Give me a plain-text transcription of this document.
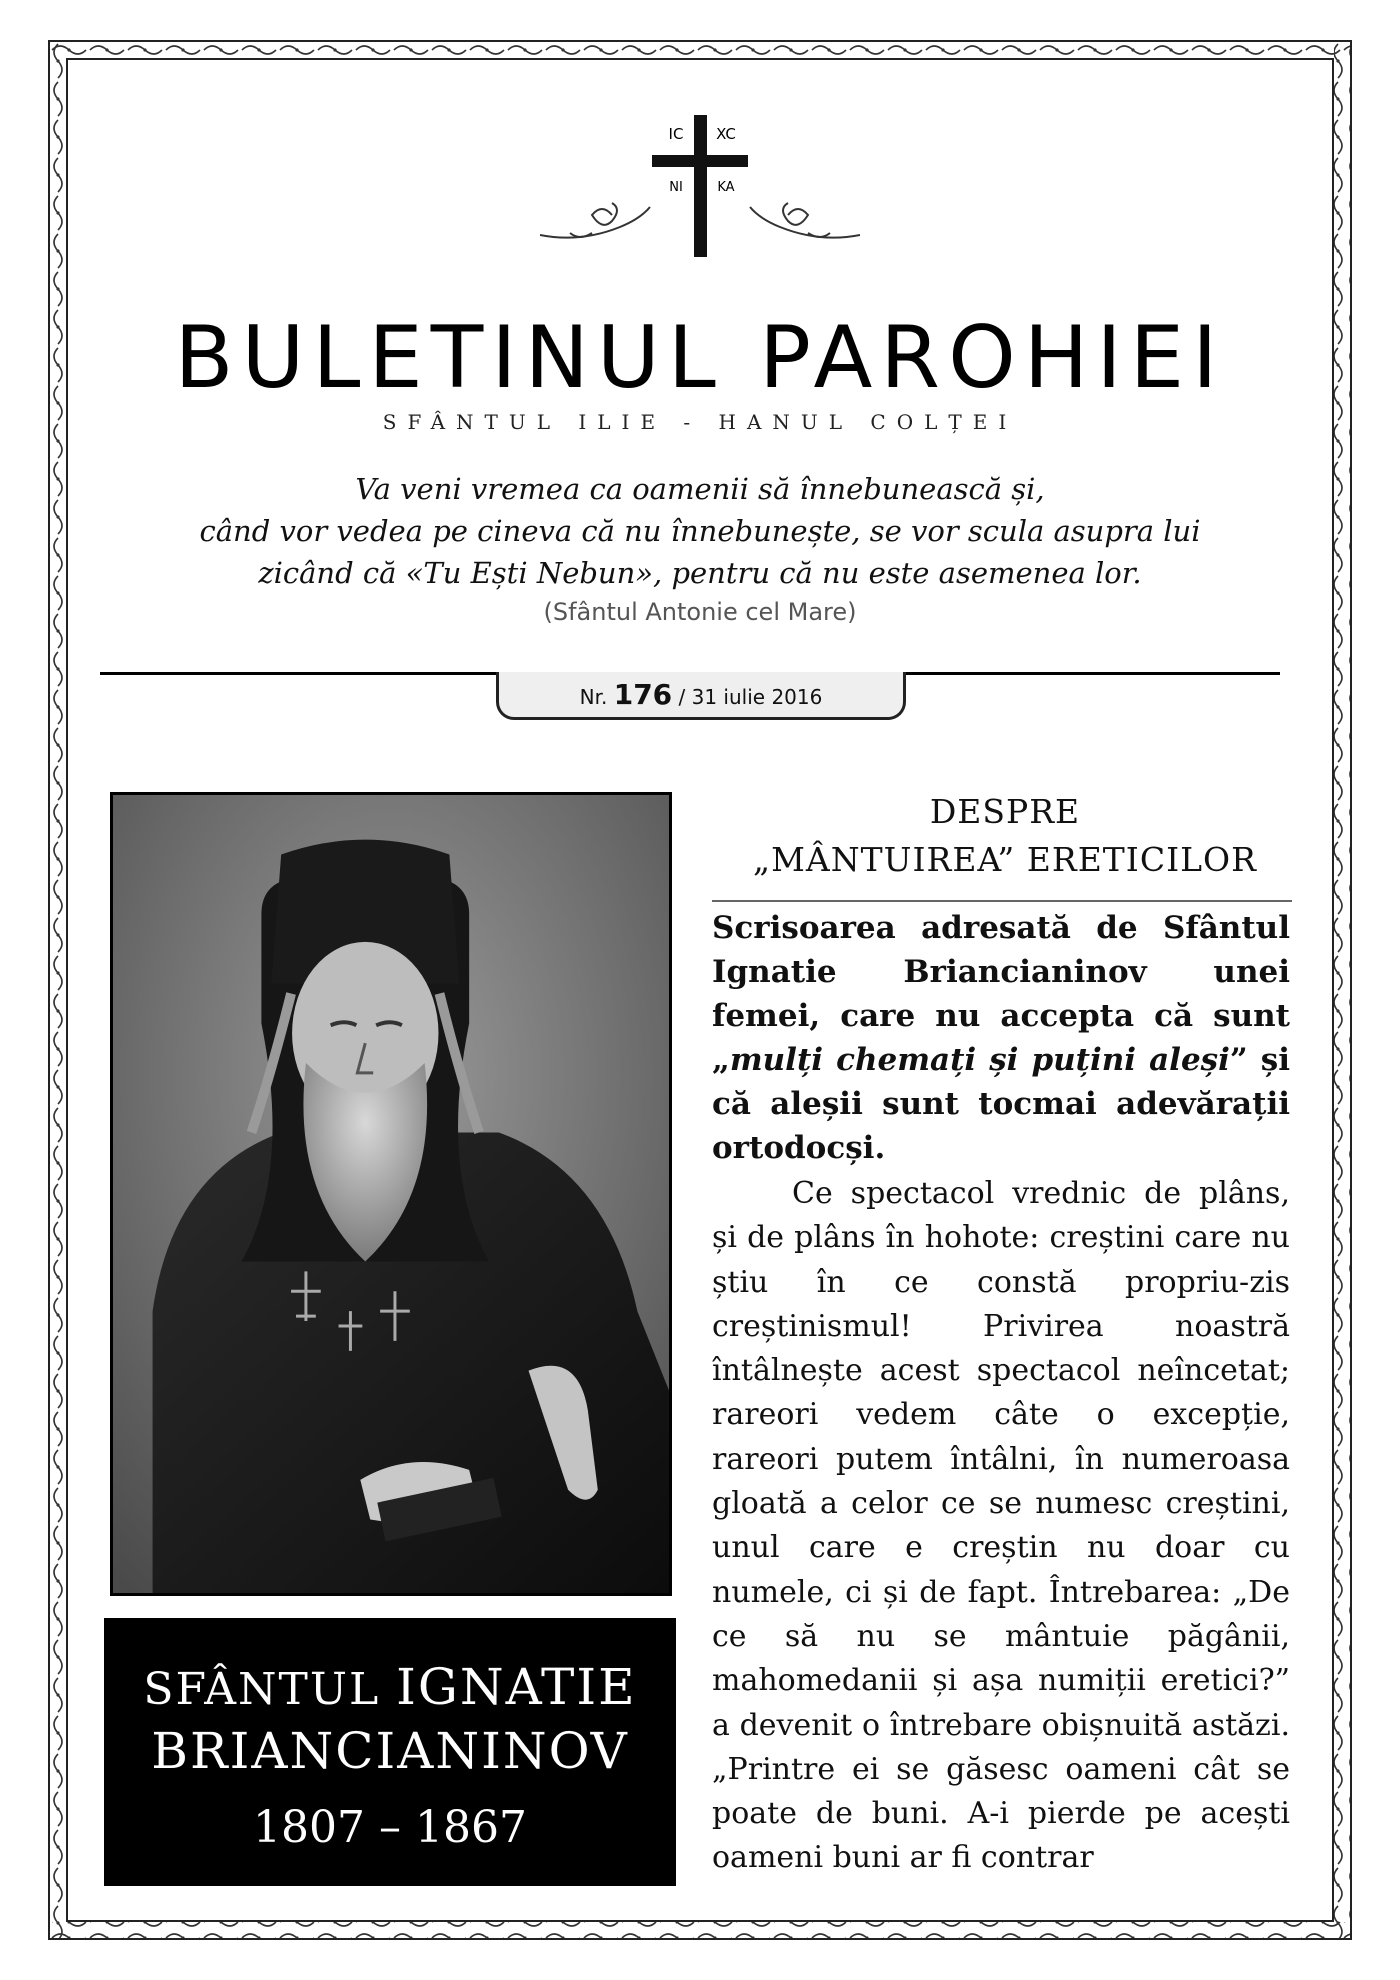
IC XC
NI	KA
BULETINUL PAROHIEI
SFÂNTUL ILIE - HANUL COLȚEI
Va veni vremea ca oamenii să înnebunească și,
când vor vedea pe cineva că nu înnebunește, se vor scula asupra lui
zicând că «Tu Ești Nebun», pentru că nu este asemenea lor.
(Sfântul Antonie cel Mare)
Nr. 176 / 31 iulie 2016
SFÂNTUL IGNATIE
BRIANCIANINOV
1807 – 1867
DESPRE
„MÂNTUIREA” ERETICILOR
Scrisoarea adresată de Sfântul Ignatie Briancianinov unei femei, care nu accepta că sunt „mulți chemați și puțini aleși” și că aleșii sunt tocmai adevărații ortodocși.

Ce spectacol vrednic de plâns, și de plâns în hohote: creștini care nu știu în ce constă propriu-zis creștinismul! Privirea noastră întâlnește acest spectacol neîncetat; rareori vedem câte o excepție, rareori putem întâlni, în numeroasa gloată a celor ce se numesc creștini, unul care e creștin nu doar cu numele, ci și de fapt. Întrebarea: „De ce să nu se mântuie păgânii, mahomedanii și așa numiții eretici?” a devenit o întrebare obișnuită astăzi. „Printre ei se găsesc oameni cât se poate de buni. A-i pierde pe acești oameni buni ar fi contrar
